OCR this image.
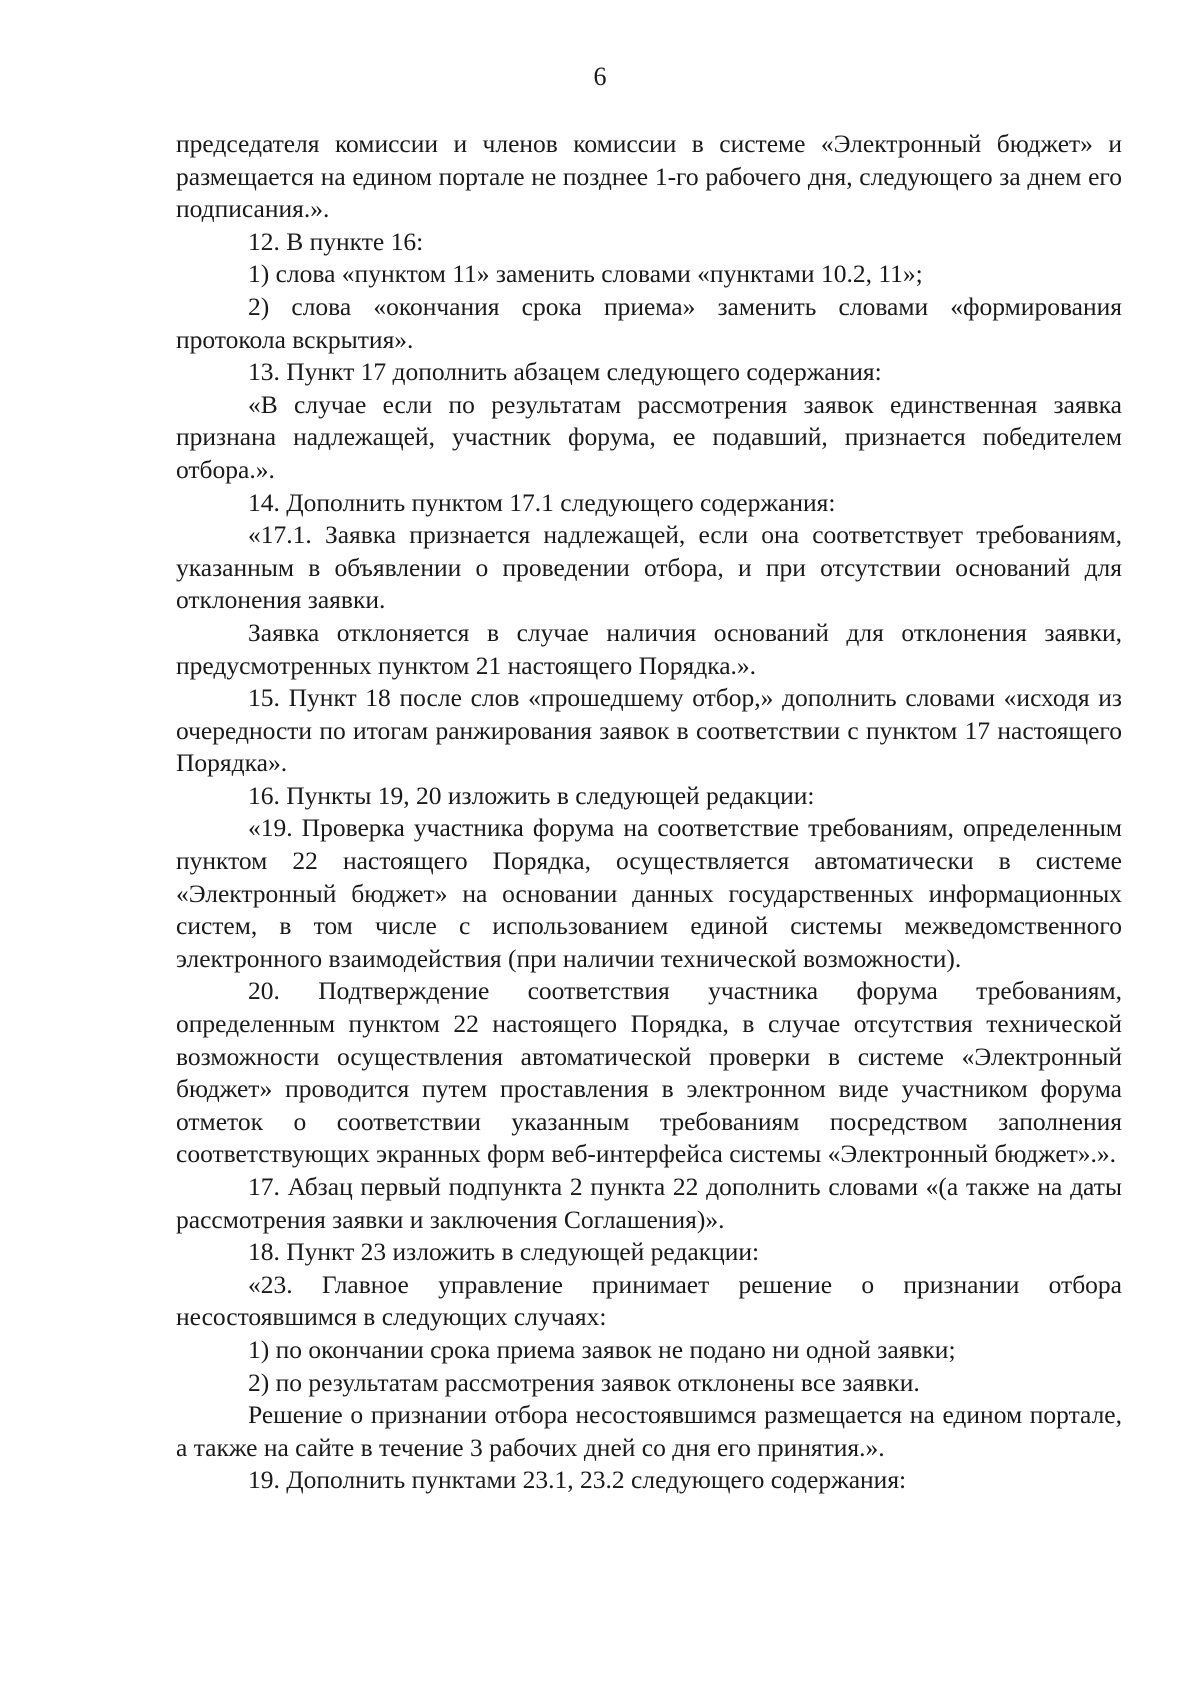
6

председателя комиссии и членов комиссии в системе «Электронный бюджет» и размещается на едином портале не позднее 1-го рабочего дня, следующего за днем его подписания.».

12. В пункте 16:

1) слова «пунктом 11» заменить словами «пунктами 10.2, 11»;

2) слова «окончания срока приема» заменить словами «формирования протокола вскрытия».

13. Пункт 17 дополнить абзацем следующего содержания:

«В случае если по результатам рассмотрения заявок единственная заявка признана надлежащей, участник форума, ее подавший, признается победителем отбора.».

14. Дополнить пунктом 17.1 следующего содержания:

«17.1. Заявка признается надлежащей, если она соответствует требованиям, указанным в объявлении о проведении отбора, и при отсутствии оснований для отклонения заявки.

Заявка отклоняется в случае наличия оснований для отклонения заявки, предусмотренных пунктом 21 настоящего Порядка.».

15. Пункт 18 после слов «прошедшему отбор,» дополнить словами «исходя из очередности по итогам ранжирования заявок в соответствии с пунктом 17 настоящего Порядка».

16. Пункты 19, 20 изложить в следующей редакции:

«19. Проверка участника форума на соответствие требованиям, определенным пунктом 22 настоящего Порядка, осуществляется автоматически в системе «Электронный бюджет» на основании данных государственных информационных систем, в том числе с использованием единой системы межведомственного электронного взаимодействия (при наличии технической возможности).

20. Подтверждение соответствия участника форума требованиям, определенным пунктом 22 настоящего Порядка, в случае отсутствия технической возможности осуществления автоматической проверки в системе «Электронный бюджет» проводится путем проставления в электронном виде участником форума отметок о соответствии указанным требованиям посредством заполнения соответствующих экранных форм веб-интерфейса системы «Электронный бюджет».».

17. Абзац первый подпункта 2 пункта 22 дополнить словами «(а также на даты рассмотрения заявки и заключения Соглашения)».

18. Пункт 23 изложить в следующей редакции:

«23. Главное управление принимает решение о признании отбора несостоявшимся в следующих случаях:

1) по окончании срока приема заявок не подано ни одной заявки;

2) по результатам рассмотрения заявок отклонены все заявки.

Решение о признании отбора несостоявшимся размещается на едином портале, а также на сайте в течение 3 рабочих дней со дня его принятия.».

19. Дополнить пунктами 23.1, 23.2 следующего содержания:
